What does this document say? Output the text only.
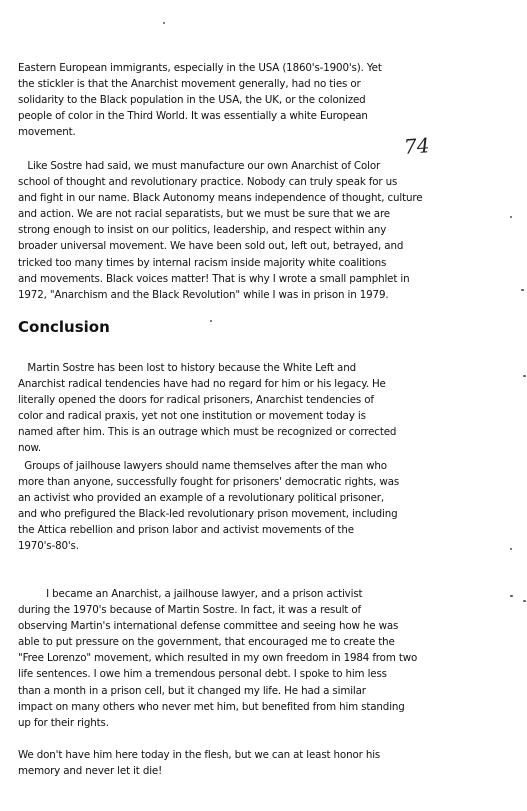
Eastern European immigrants, especially in the USA (1860's-1900's). Yet
the stickler is that the Anarchist movement generally, had no ties or
solidarity to the Black population in the USA, the UK, or the colonized
people of color in the Third World. It was essentially a white European
movement.
74
Like Sostre had said, we must manufacture our own Anarchist of Color
school of thought and revolutionary practice. Nobody can truly speak for us
and fight in our name. Black Autonomy means independence of thought, culture
and action. We are not racial separatists, but we must be sure that we are
strong enough to insist on our politics, leadership, and respect within any
broader universal movement. We have been sold out, left out, betrayed, and
tricked too many times by internal racism inside majority white coalitions
and movements. Black voices matter! That is why I wrote a small pamphlet in
1972, "Anarchism and the Black Revolution" while I was in prison in 1979.
Conclusion
Martin Sostre has been lost to history because the White Left and
Anarchist radical tendencies have had no regard for him or his legacy. He
literally opened the doors for radical prisoners, Anarchist tendencies of
color and radical praxis, yet not one institution or movement today is
named after him. This is an outrage which must be recognized or corrected
now.
Groups of jailhouse lawyers should name themselves after the man who
more than anyone, successfully fought for prisoners' democratic rights, was
an activist who provided an example of a revolutionary political prisoner,
and who prefigured the Black-led revolutionary prison movement, including
the Attica rebellion and prison labor and activist movements of the
1970's-80's.
I became an Anarchist, a jailhouse lawyer, and a prison activist
during the 1970's because of Martin Sostre. In fact, it was a result of
observing Martin's international defense committee and seeing how he was
able to put pressure on the government, that encouraged me to create the
"Free Lorenzo" movement, which resulted in my own freedom in 1984 from two
life sentences. I owe him a tremendous personal debt. I spoke to him less
than a month in a prison cell, but it changed my life. He had a similar
impact on many others who never met him, but benefited from him standing
up for their rights.
We don't have him here today in the flesh, but we can at least honor his
memory and never let it die!
